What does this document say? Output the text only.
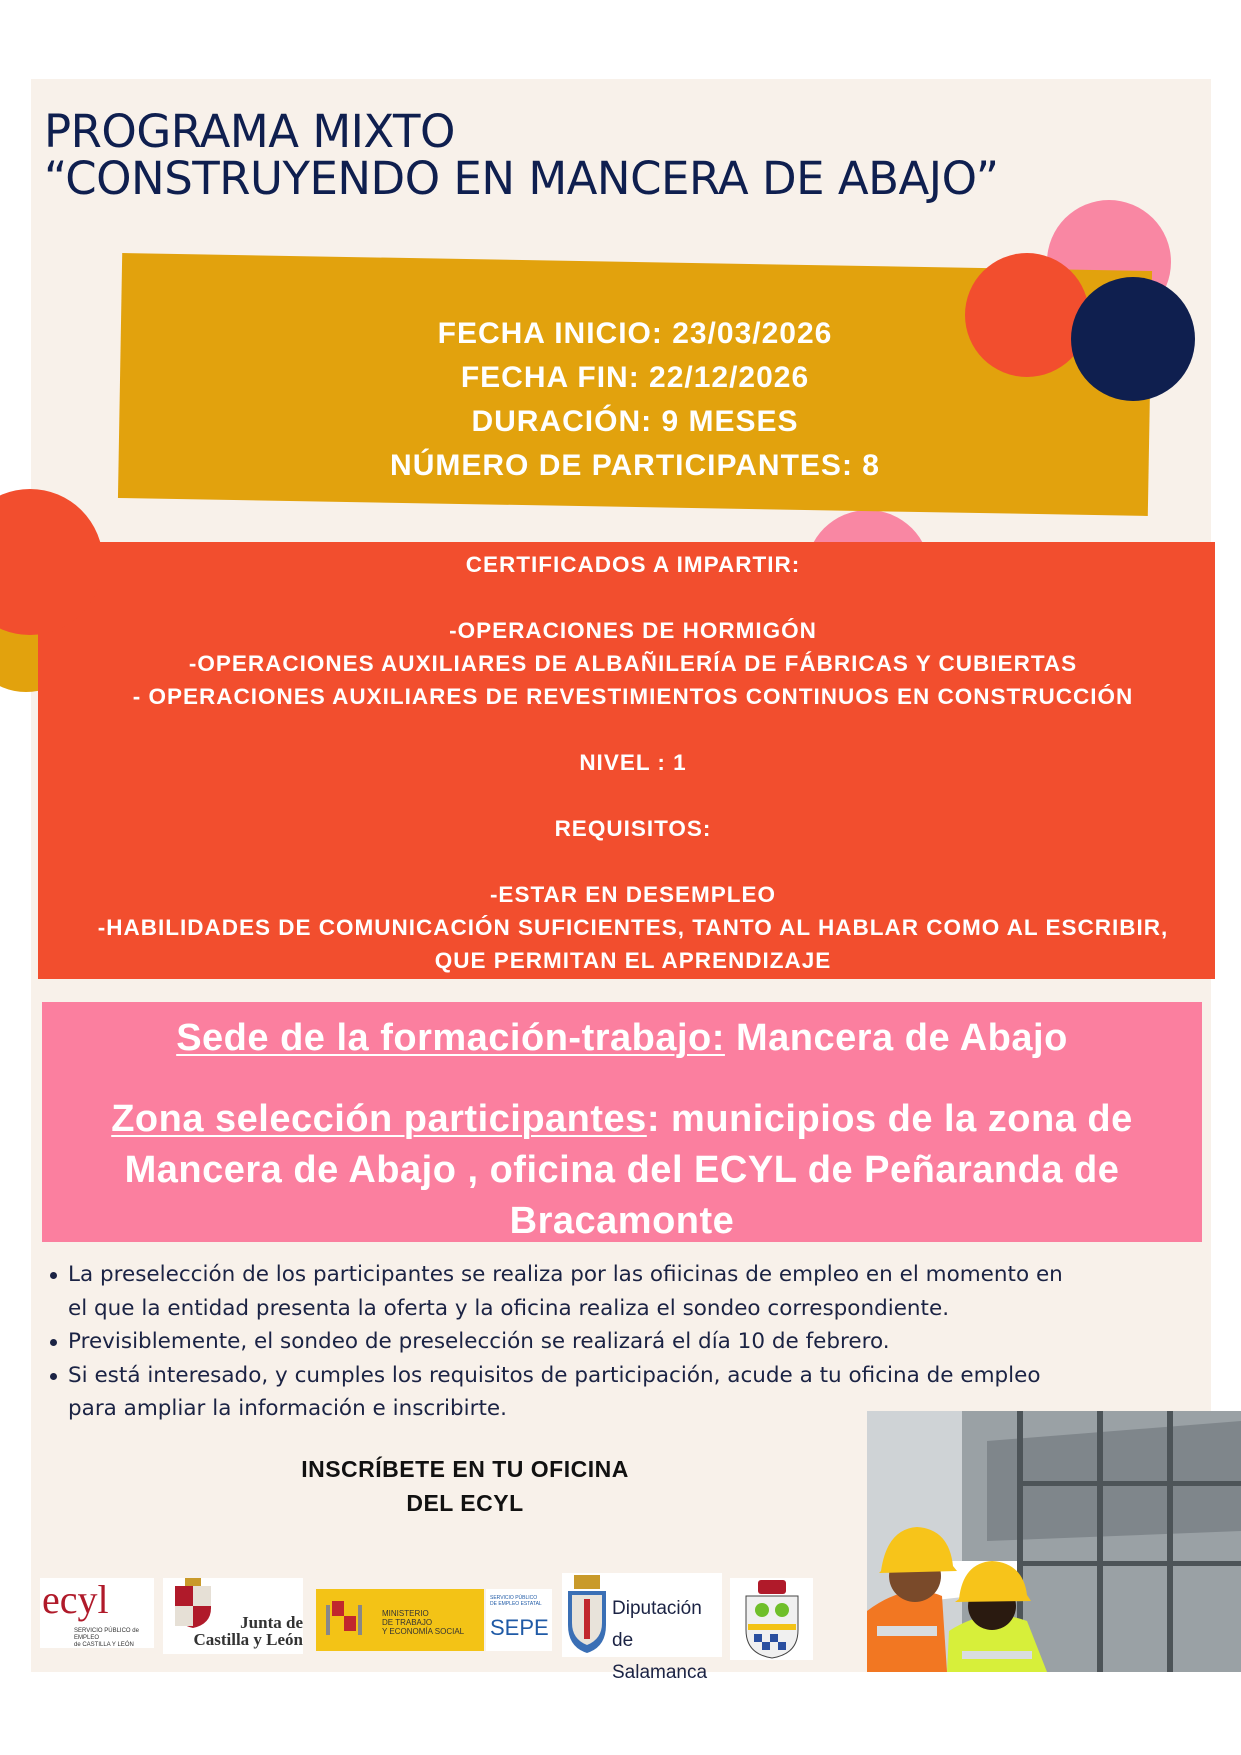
PROGRAMA MIXTO
“CONSTRUYENDO EN MANCERA DE ABAJO”
FECHA INICIO: 23/03/2026
FECHA FIN: 22/12/2026
DURACIÓN: 9 MESES
NÚMERO DE PARTICIPANTES: 8
CERTIFICADOS A IMPARTIR:
-OPERACIONES DE HORMIGÓN
-OPERACIONES AUXILIARES DE ALBAÑILERÍA DE FÁBRICAS Y CUBIERTAS
- OPERACIONES AUXILIARES DE REVESTIMIENTOS CONTINUOS EN CONSTRUCCIÓN
NIVEL : 1
REQUISITOS:
-ESTAR EN DESEMPLEO
-HABILIDADES DE COMUNICACIÓN SUFICIENTES, TANTO AL HABLAR COMO AL ESCRIBIR,
QUE PERMITAN EL APRENDIZAJE

Sede de la formación-trabajo: Mancera de Abajo

Zona selección participantes: municipios de la zona de Mancera de Abajo , oficina del ECYL de Peñaranda de Bracamonte

La preselección de los participantes se realiza por las ofiicinas de empleo en el momento en el que la entidad presenta la oferta y la oficina realiza el sondeo correspondiente.
Previsiblemente, el sondeo de preselección se realizará el día 10 de febrero.
Si está interesado, y cumples los requisitos de participación, acude a tu oficina de empleo para ampliar la información e inscribirte.
INSCRÍBETE EN TU OFICINA
DEL ECYL
ecyl
SERVICIO PÚBLICO de EMPLEO
de CASTILLA Y LEÓN
Junta de
Castilla y León
MINISTERIO
DE TRABAJO
Y ECONOMÍA SOCIAL
SERVICIO PÚBLICO
DE EMPLEO ESTATAL
SEPE
Diputación
de Salamanca
